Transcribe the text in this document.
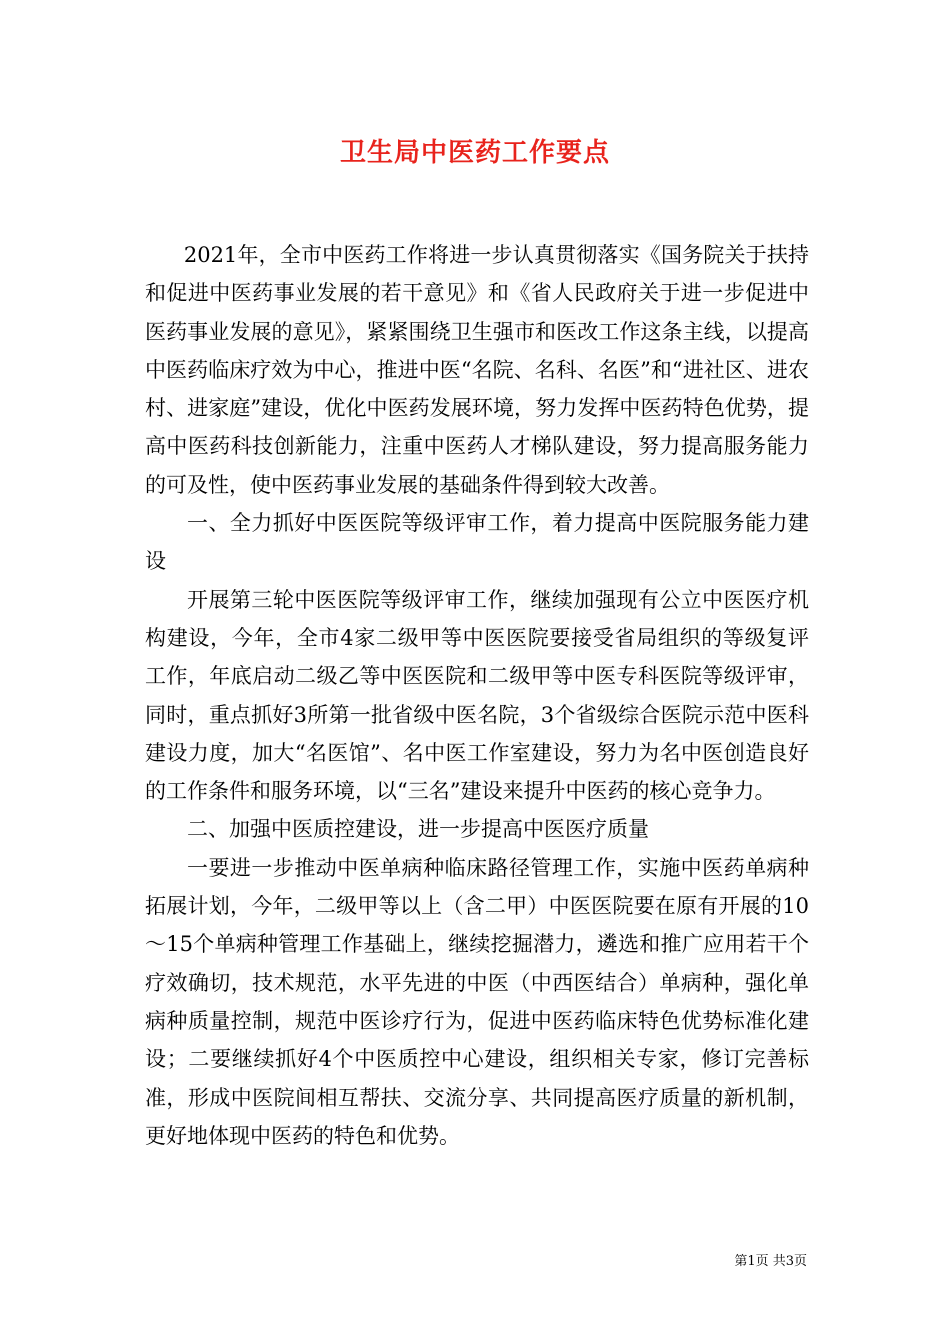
卫生局中医药工作要点

2021年，全市中医药工作将进一步认真贯彻落实《国务院关于扶持和促进中医药事业发展的若干意见》和《省人民政府关于进一步促进中医药事业发展的意见》，紧紧围绕卫生强市和医改工作这条主线，以提高中医药临床疗效为中心，推进中医“名院、名科、名医”和“进社区、进农村、进家庭”建设，优化中医药发展环境，努力发挥中医药特色优势，提高中医药科技创新能力，注重中医药人才梯队建设，努力提高服务能力的可及性，使中医药事业发展的基础条件得到较大改善。

一、全力抓好中医医院等级评审工作，着力提高中医院服务能力建设

开展第三轮中医医院等级评审工作，继续加强现有公立中医医疗机构建设，今年，全市4家二级甲等中医医院要接受省局组织的等级复评工作，年底启动二级乙等中医医院和二级甲等中医专科医院等级评审，同时，重点抓好3所第一批省级中医名院，3个省级综合医院示范中医科建设力度，加大“名医馆”、名中医工作室建设，努力为名中医创造良好的工作条件和服务环境，以“三名”建设来提升中医药的核心竞争力。

二、加强中医质控建设，进一步提高中医医疗质量

一要进一步推动中医单病种临床路径管理工作，实施中医药单病种拓展计划，今年，二级甲等以上（含二甲）中医医院要在原有开展的10～15个单病种管理工作基础上，继续挖掘潜力，遴选和推广应用若干个疗效确切，技术规范，水平先进的中医（中西医结合）单病种，强化单病种质量控制，规范中医诊疗行为，促进中医药临床特色优势标准化建设；二要继续抓好4个中医质控中心建设，组织相关专家，修订完善标准，形成中医院间相互帮扶、交流分享、共同提高医疗质量的新机制，更好地体现中医药的特色和优势。

第1页 共3页
